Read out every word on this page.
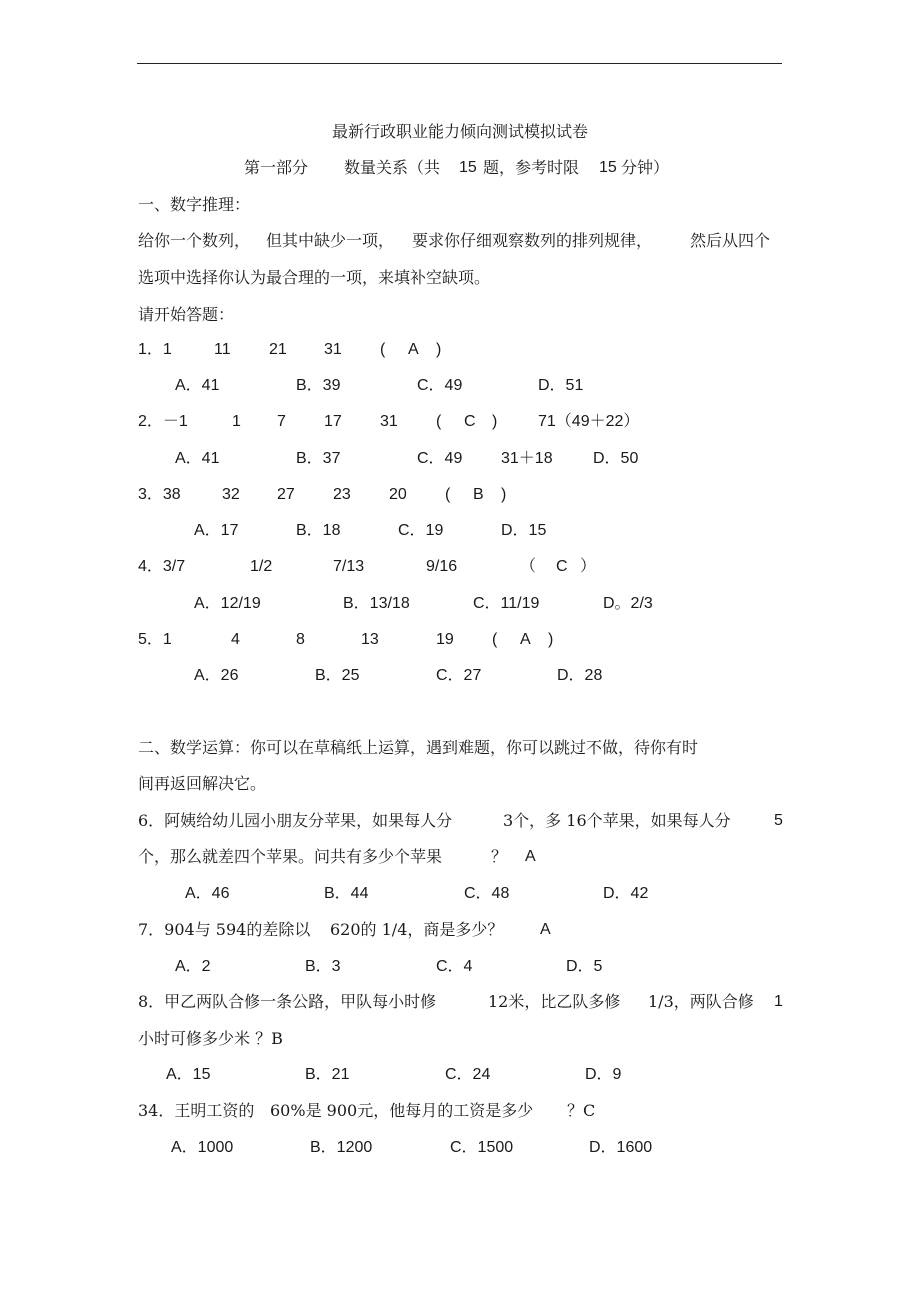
最新行政职业能力倾向测试模拟试卷
第一部分 数量关系（共 15 题，参考时限 15 分钟）
一、数字推理：
给你一个数列， 但其中缺少一项， 要求你仔细观察数列的排列规律， 然后从四个
选项中选择你认为最合理的一项，来填补空缺项。
请开始答题：
1．1	11 21 31 ( A )
A．41	B．39	C．49	D．51
2．－1	1 7 17 31 ( C )	71（49＋22）
A．41	B．37	C．49 31＋18	D．50
3．38	32 27 23 20 ( B )
A．17	B．18	C．19	D．15
4．3/7	1/2	7/13	9/16	（ C ）
A．12/19	B．13/18	C．11/19	D。2/3
5．1	4	8	13	19 ( A )
A．26	B．25	C．27	D．28
二、数学运算：你可以在草稿纸上运算，遇到难题，你可以跳过不做，待你有时
间再返回解决它。
6．阿姨给幼儿园小朋友分苹果，如果每人分	3个，多 16个苹果，如果每人分	5
个，那么就差四个苹果。问共有多少个苹果	？ A
A．46	B．44	C．48	D．42
7．904与 594的差除以 620的 1/4，商是多少？ A
A．2	B．3	C．4	D．5
8．甲乙两队合修一条公路，甲队每小时修	12米，比乙队多修 1/3，两队合修 1
小时可修多少米 ？B
A．15	B．21	C．24	D．9
34．王明工资的 60%是 900元，他每月的工资是多少 ？C
A．1000	B．1200	C．1500	D．1600
